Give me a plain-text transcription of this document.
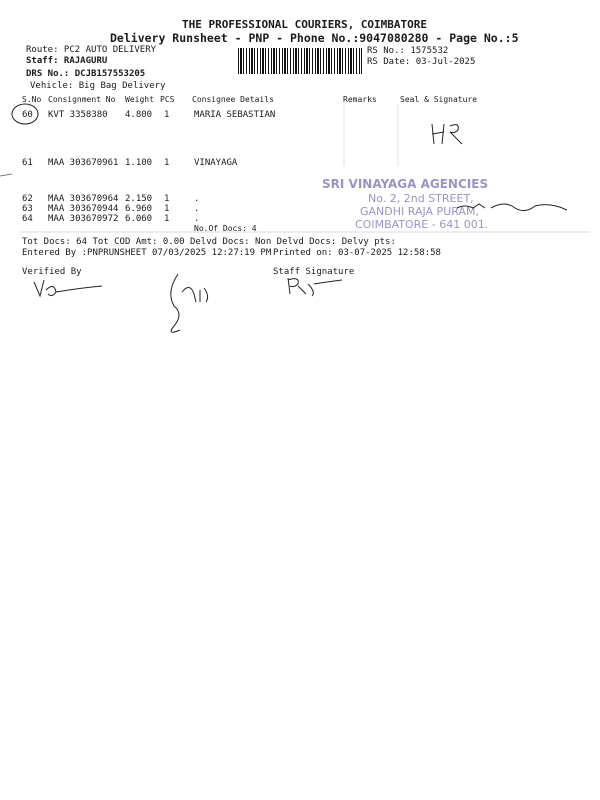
THE PROFESSIONAL COURIERS, COIMBATORE
Delivery Runsheet - PNP - Phone No.:9047080280 - Page No.:5
Route: PC2 AUTO DELIVERY
Staff: RAJAGURU
DRS No.: DCJB157553205
Vehicle: Big Bag Delivery
RS No.: 1575532
RS Date: 03-Jul-2025
S.No Consignment No Weight PCS Consignee Details	Remarks	Seal & Signature
60 KVT 3358380 4.800 1	MARIA SEBASTIAN
61 MAA 303670961 1.100 1	VINAYAGA
62 MAA 303670964 2.150 1	.
63 MAA 303670944 6.960 1	.
64 MAA 303670972 6.060 1	.
No.Of Docs: 4
SRI VINAYAGA AGENCIES
No. 2, 2nd STREET,
GANDHI RAJA PURAM,
COIMBATORE - 641 001.
Tot Docs: 64 Tot COD Amt: 0.00 Delvd Docs: Non Delvd Docs: Delvy pts:
Entered By :PNPRUNSHEET 07/03/2025 12:27:19 PM Printed on: 03-07-2025 12:58:58
Verified By	Staff Signature
